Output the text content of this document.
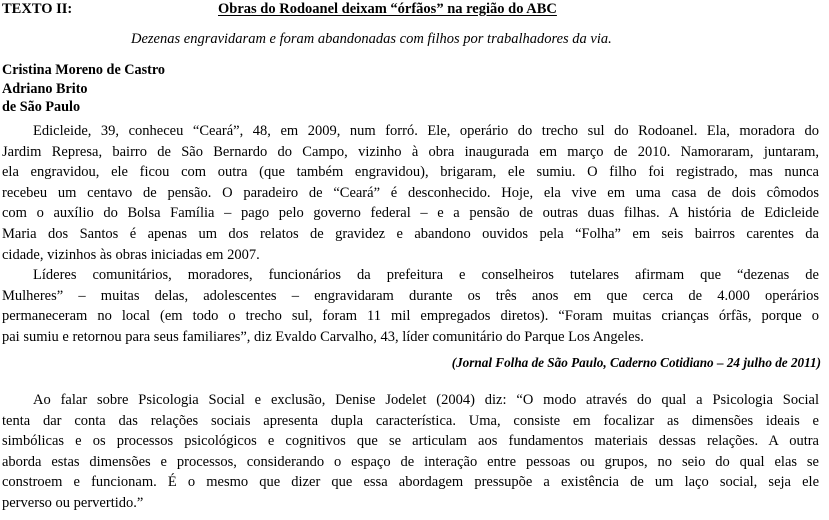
TEXTO II:	Obras do Rodoanel deixam “órfãos” na região do ABC
Dezenas engravidaram e foram abandonadas com filhos por trabalhadores da via.
Cristina Moreno de Castro
Adriano Brito
de São Paulo
Edicleide, 39, conheceu “Ceará”, 48, em 2009, num forró. Ele, operário do trecho sul do Rodoanel. Ela, moradora do
Jardim Represa, bairro de São Bernardo do Campo, vizinho à obra inaugurada em março de 2010. Namoraram, juntaram,
ela engravidou, ele ficou com outra (que também engravidou), brigaram, ele sumiu. O filho foi registrado, mas nunca
recebeu um centavo de pensão. O paradeiro de “Ceará” é desconhecido. Hoje, ela vive em uma casa de dois cômodos
com o auxílio do Bolsa Família – pago pelo governo federal – e a pensão de outras duas filhas. A história de Edicleide
Maria dos Santos é apenas um dos relatos de gravidez e abandono ouvidos pela “Folha” em seis bairros carentes da
cidade, vizinhos às obras iniciadas em 2007.
Líderes comunitários, moradores, funcionários da prefeitura e conselheiros tutelares afirmam que “dezenas de
Mulheres” – muitas delas, adolescentes – engravidaram durante os três anos em que cerca de 4.000 operários
permaneceram no local (em todo o trecho sul, foram 11 mil empregados diretos). “Foram muitas crianças órfãs, porque o
pai sumiu e retornou para seus familiares”, diz Evaldo Carvalho, 43, líder comunitário do Parque Los Angeles.
(Jornal Folha de São Paulo, Caderno Cotidiano – 24 julho de 2011)
Ao falar sobre Psicologia Social e exclusão, Denise Jodelet (2004) diz: “O modo através do qual a Psicologia Social
tenta dar conta das relações sociais apresenta dupla característica. Uma, consiste em focalizar as dimensões ideais e
simbólicas e os processos psicológicos e cognitivos que se articulam aos fundamentos materiais dessas relações. A outra
aborda estas dimensões e processos, considerando o espaço de interação entre pessoas ou grupos, no seio do qual elas se
constroem e funcionam. É o mesmo que dizer que essa abordagem pressupõe a existência de um laço social, seja ele
perverso ou pervertido.”
